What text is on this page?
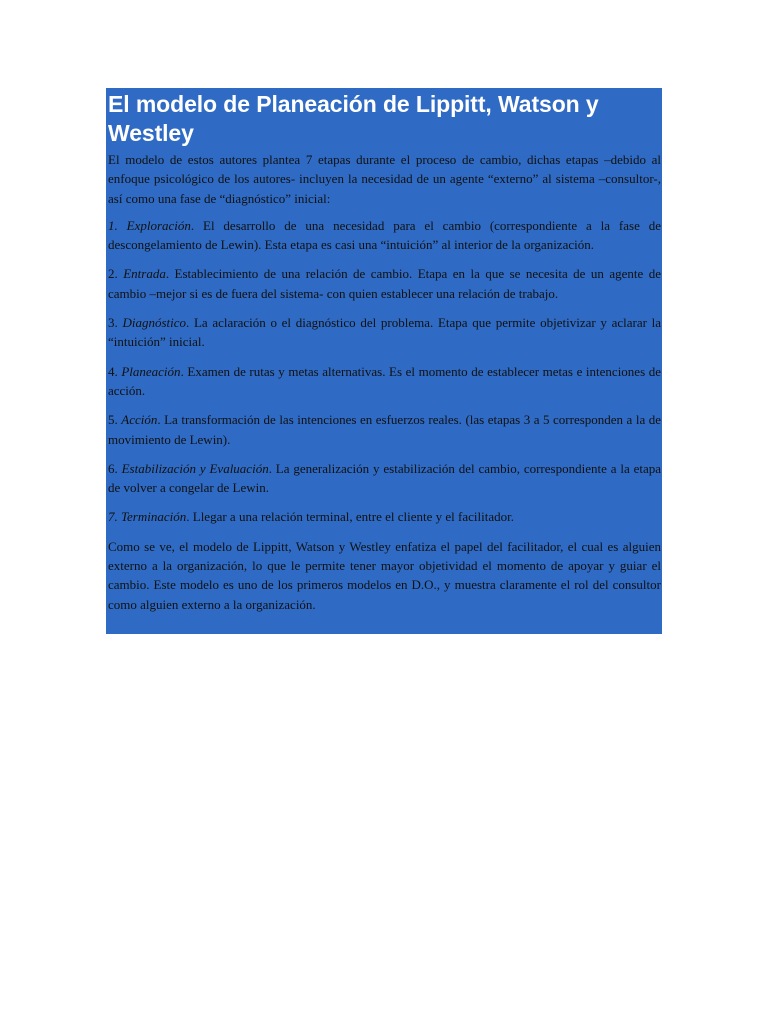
El modelo de Planeación de Lippitt, Watson y Westley

El modelo de estos autores plantea 7 etapas durante el proceso de cambio, dichas etapas –debido al enfoque psicológico de los autores- incluyen la necesidad de un agente “externo” al sistema –consultor-, así como una fase de “diagnóstico” inicial:

1. Exploración. El desarrollo de una necesidad para el cambio (correspondiente a la fase de descongelamiento de Lewin). Esta etapa es casi una “intuición” al interior de la organización.

2. Entrada. Establecimiento de una relación de cambio. Etapa en la que se necesita de un agente de cambio –mejor si es de fuera del sistema- con quien establecer una relación de trabajo.

3. Diagnóstico. La aclaración o el diagnóstico del problema. Etapa que permite objetivizar y aclarar la “intuición” inicial.

4. Planeación. Examen de rutas y metas alternativas. Es el momento de establecer metas e intenciones de acción.

5. Acción. La transformación de las intenciones en esfuerzos reales. (las etapas 3 a 5 corresponden a la de movimiento de Lewin).

6. Estabilización y Evaluación. La generalización y estabilización del cambio, correspondiente a la etapa de volver a congelar de Lewin.

7. Terminación. Llegar a una relación terminal, entre el cliente y el facilitador.

Como se ve, el modelo de Lippitt, Watson y Westley enfatiza el papel del facilitador, el cual es alguien externo a la organización, lo que le permite tener mayor objetividad el momento de apoyar y guiar el cambio. Este modelo es uno de los primeros modelos en D.O., y muestra claramente el rol del consultor como alguien externo a la organización.
